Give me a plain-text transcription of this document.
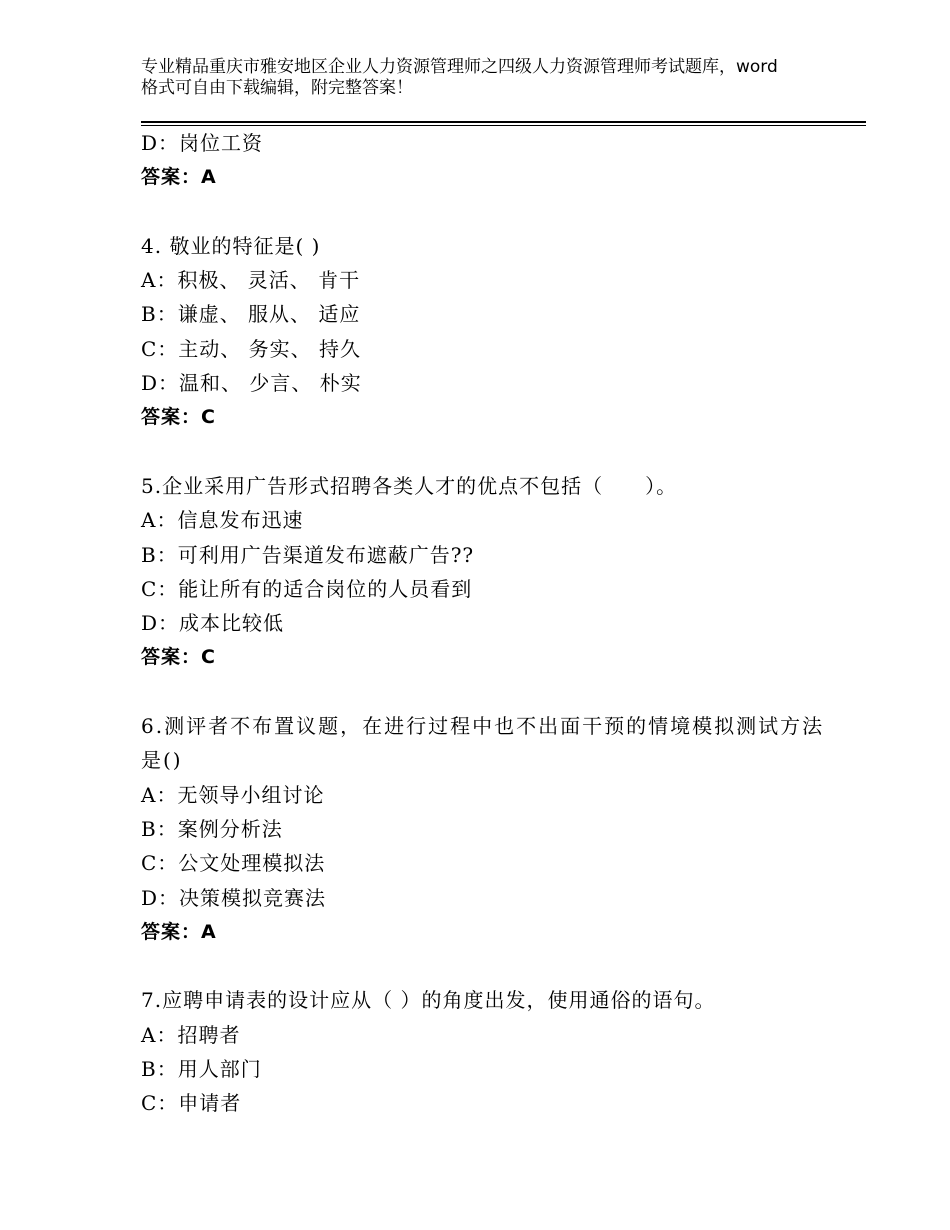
专业精品重庆市雅安地区企业人力资源管理师之四级人力资源管理师考试题库，word格式可自由下载编辑，附完整答案！
D：岗位工资
答案：A
4. 敬业的特征是( )
A：积极、 灵活、 肯干
B：谦虚、 服从、 适应
C：主动、 务实、 持久
D：温和、 少言、 朴实
答案：C
5.企业采用广告形式招聘各类人才的优点不包括（　　）。
A：信息发布迅速
B：可利用广告渠道发布遮蔽广告??
C：能让所有的适合岗位的人员看到
D：成本比较低
答案：C
6.测评者不布置议题，在进行过程中也不出面干预的情境模拟测试方法是()
A：无领导小组讨论
B：案例分析法
C：公文处理模拟法
D：决策模拟竞赛法
答案：A
7.应聘申请表的设计应从（ ）的角度出发，使用通俗的语句。
A：招聘者
B：用人部门
C：申请者
